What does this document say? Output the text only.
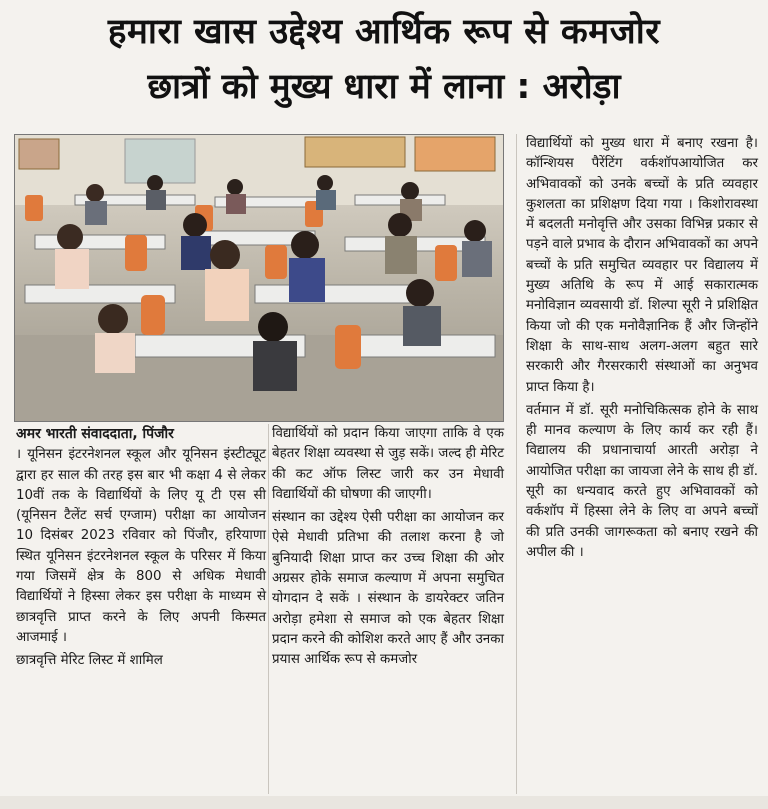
हमारा खास उद्देश्य आर्थिक रूप से कमजोर
छात्रों को मुख्य धारा में लाना : अरोड़ा
अमर भारती संवाददाता, पिंजौर

। यूनिसन इंटरनेशनल स्कूल और यूनिसन इंस्टीट्यूट द्वारा हर साल की तरह इस बार भी कक्षा 4 से लेकर 10वीं तक के विद्यार्थियों के लिए यू टी एस सी (यूनिसन टैलेंट सर्च एग्जाम) परीक्षा का आयोजन 10 दिसंबर 2023 रविवार को पिंजौर, हरियाणा स्थित यूनिसन इंटरनेशनल स्कूल के परिसर में किया गया जिसमें क्षेत्र के 800 से अधिक मेधावी विद्यार्थियों ने हिस्सा लेकर इस परीक्षा के माध्यम से छात्रवृत्ति प्राप्त करने के लिए अपनी किस्मत आजमाई ।

छात्रवृत्ति मेरिट लिस्ट में शामिल

विद्यार्थियों को प्रदान किया जाएगा ताकि वे एक बेहतर शिक्षा व्यवस्था से जुड़ सकें। जल्द ही मेरिट की कट ऑफ लिस्ट जारी कर उन मेधावी विद्यार्थियों की घोषणा की जाएगी।

संस्थान का उद्देश्य ऐसी परीक्षा का आयोजन कर ऐसे मेधावी प्रतिभा की तलाश करना है जो बुनियादी शिक्षा प्राप्त कर उच्च शिक्षा की ओर अग्रसर होके समाज कल्याण में अपना समुचित योगदान दे सकें । संस्थान के डायरेक्टर जतिन अरोड़ा हमेशा से समाज को एक बेहतर शिक्षा प्रदान करने की कोशिश करते आए हैं और उनका प्रयास आर्थिक रूप से कमजोर

विद्यार्थियों को मुख्य धारा में बनाए रखना है। कॉन्शियस पैरेंटिंग वर्कशॉपआयोजित कर अभिवावकों को उनके बच्चों के प्रति व्यवहार कुशलता का प्रशिक्षण दिया गया । किशोरावस्था में बदलती मनोवृत्ति और उसका विभिन्न प्रकार से पड़ने वाले प्रभाव के दौरान अभिवावकों का अपने बच्चों के प्रति समुचित व्यवहार पर विद्यालय में मुख्य अतिथि के रूप में आई सकारात्मक मनोविज्ञान व्यवसायी डॉ. शिल्पा सूरी ने प्रशिक्षित किया जो की एक मनोवैज्ञानिक हैं और जिन्होंने शिक्षा के साथ-साथ अलग-अलग बहुत सारे सरकारी और गैरसरकारी संस्थाओं का अनुभव प्राप्त किया है।

वर्तमान में डॉ. सूरी मनोचिकित्सक होने के साथ ही मानव कल्याण के लिए कार्य कर रही हैं। विद्यालय की प्रधानाचार्या आरती अरोड़ा ने आयोजित परीक्षा का जायजा लेने के साथ ही डॉ. सूरी का धन्यवाद करते हुए अभिवावकों को वर्कशॉप में हिस्सा लेने के लिए वा अपने बच्चों की प्रति उनकी जागरूकता को बनाए रखने की अपील की ।
